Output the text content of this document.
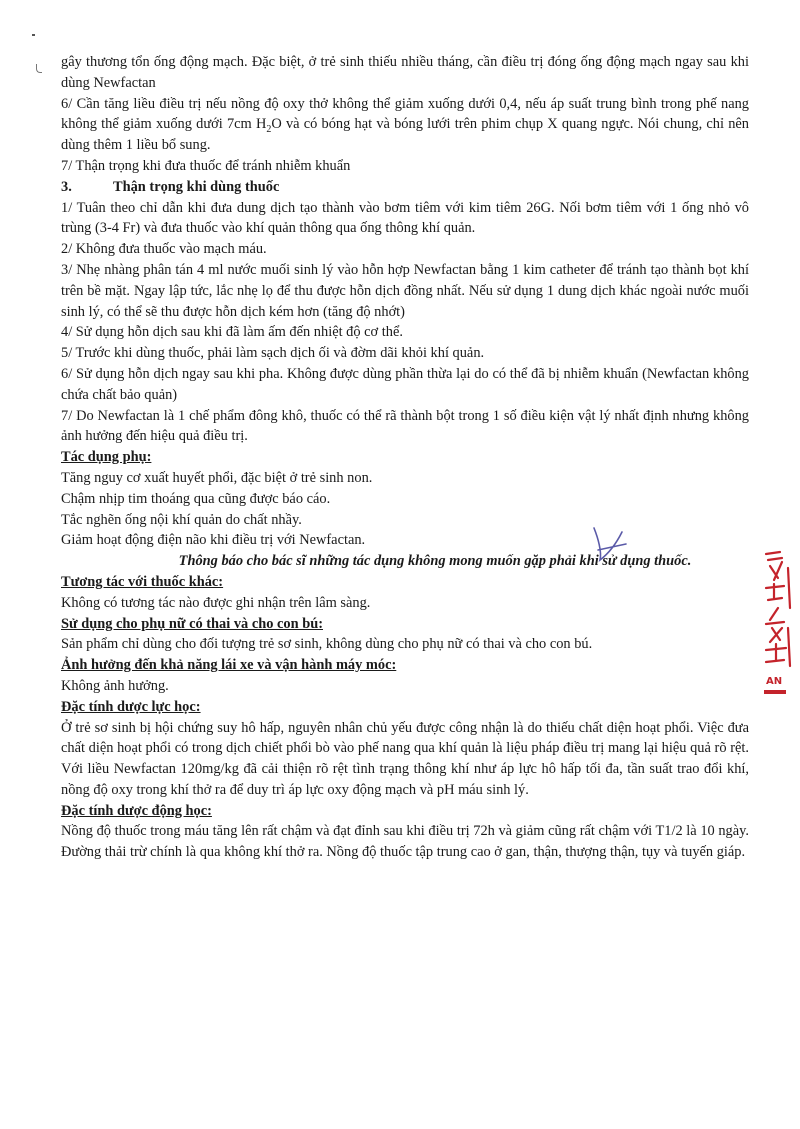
gây thương tổn ống động mạch. Đặc biệt, ở trẻ sinh thiếu nhiều tháng, cần điều trị đóng ống động mạch ngay sau khi dùng Newfactan

6/ Cần tăng liều điều trị nếu nồng độ oxy thở không thể giảm xuống dưới 0,4, nếu áp suất trung bình trong phế nang không thể giảm xuống dưới 7cm $H_2O$ và có bóng hạt và bóng lưới trên phim chụp X quang ngực. Nói chung, chỉ nên dùng thêm 1 liều bổ sung.

7/ Thận trọng khi đưa thuốc để tránh nhiễm khuẩn

3.	Thận trọng khi dùng thuốc

1/ Tuân theo chỉ dẫn khi đưa dung dịch tạo thành vào bơm tiêm với kim tiêm 26G. Nối bơm tiêm với 1 ống nhỏ vô trùng (3-4 Fr) và đưa thuốc vào khí quản thông qua ống thông khí quản.

2/ Không đưa thuốc vào mạch máu.

3/ Nhẹ nhàng phân tán 4 ml nước muối sinh lý vào hỗn hợp Newfactan bằng 1 kim catheter để tránh tạo thành bọt khí trên bề mặt. Ngay lập tức, lắc nhẹ lọ để thu được hỗn dịch đồng nhất. Nếu sử dụng 1 dung dịch khác ngoài nước muối sinh lý, có thể sẽ thu được hỗn dịch kém hơn (tăng độ nhớt)

4/ Sử dụng hỗn dịch sau khi đã làm ấm đến nhiệt độ cơ thể.

5/ Trước khi dùng thuốc, phải làm sạch dịch ối và đờm dãi khỏi khí quản.

6/ Sử dụng hỗn dịch ngay sau khi pha. Không được dùng phần thừa lại do có thể đã bị nhiễm khuẩn (Newfactan không chứa chất bảo quản)

7/ Do Newfactan là 1 chế phẩm đông khô, thuốc có thể rã thành bột trong 1 số điều kiện vật lý nhất định nhưng không ảnh hưởng đến hiệu quả điều trị.

Tác dụng phụ:

Tăng nguy cơ xuất huyết phổi, đặc biệt ở trẻ sinh non.

Chậm nhịp tim thoáng qua cũng được báo cáo.

Tắc nghẽn ống nội khí quản do chất nhầy.

Giảm hoạt động điện não khi điều trị với Newfactan.

Thông báo cho bác sĩ những tác dụng không mong muốn gặp phải khi sử dụng thuốc.

Tương tác với thuốc khác:

Không có tương tác nào được ghi nhận trên lâm sàng.

Sử dụng cho phụ nữ có thai và cho con bú:

Sản phẩm chỉ dùng cho đối tượng trẻ sơ sinh, không dùng cho phụ nữ có thai và cho con bú.

Ảnh hưởng đến khả năng lái xe và vận hành máy móc:

Không ảnh hưởng.

Đặc tính dược lực học:

Ở trẻ sơ sinh bị hội chứng suy hô hấp, nguyên nhân chủ yếu được công nhận là do thiếu chất diện hoạt phổi. Việc đưa chất diện hoạt phổi có trong dịch chiết phổi bò vào phế nang qua khí quản là liệu pháp điều trị mang lại hiệu quả rõ rệt. Với liều Newfactan 120mg/kg đã cải thiện rõ rệt tình trạng thông khí như áp lực hô hấp tối đa, tần suất trao đổi khí, nồng độ oxy trong khí thở ra để duy trì áp lực oxy động mạch và pH máu sinh lý.

Đặc tính dược động học:

Nồng độ thuốc trong máu tăng lên rất chậm và đạt đỉnh sau khi điều trị 72h và giảm cũng rất chậm với T1/2 là 10 ngày. Đường thải trừ chính là qua không khí thở ra. Nồng độ thuốc tập trung cao ở gan, thận, thượng thận, tụy và tuyến giáp.

AN
